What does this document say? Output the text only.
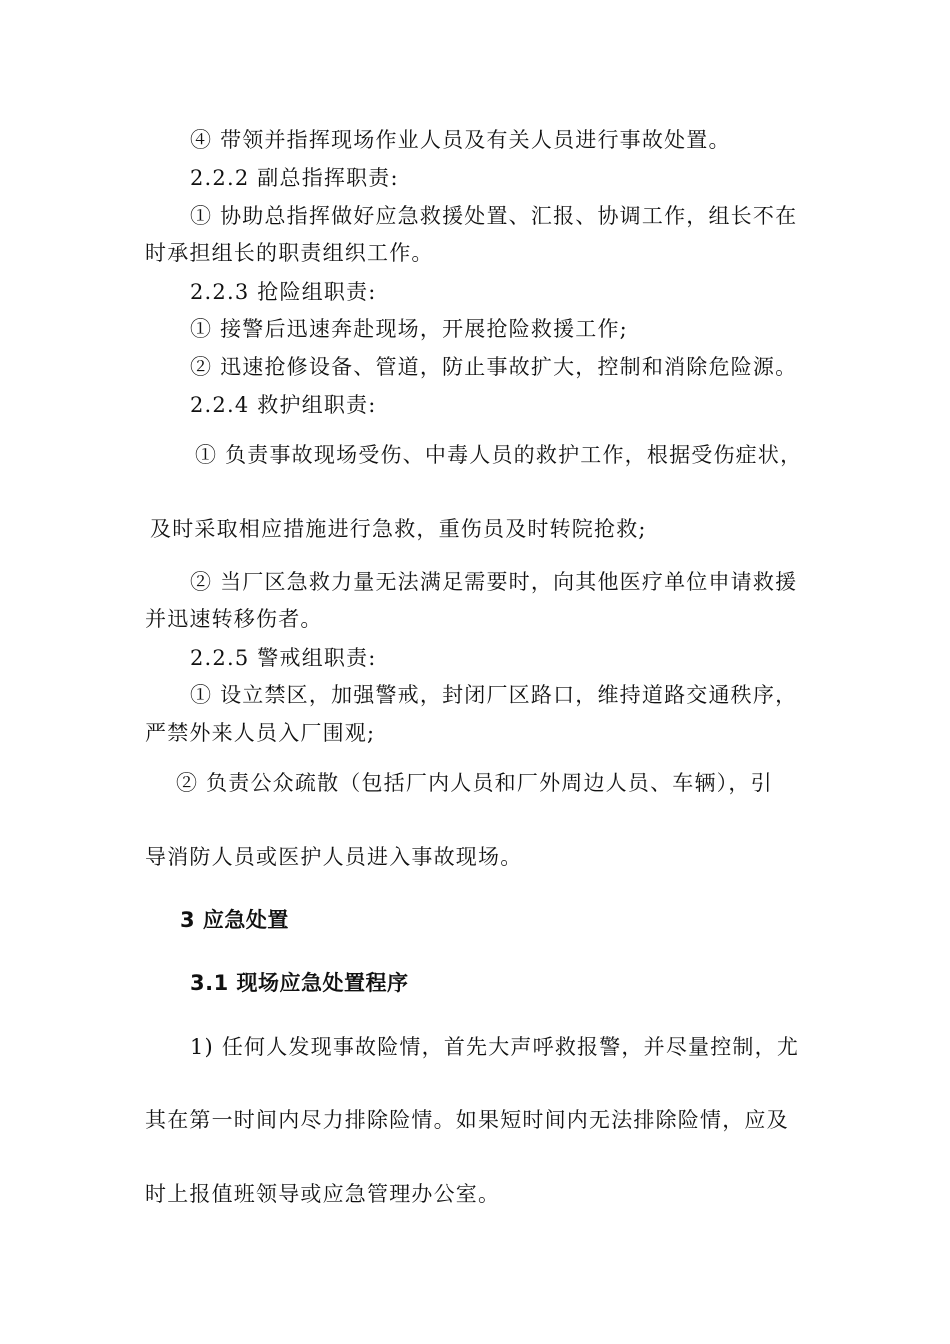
④ 带领并指挥现场作业人员及有关人员进行事故处置。
2.2.2 副总指挥职责:
① 协助总指挥做好应急救援处置、汇报、协调工作，组长不在
时承担组长的职责组织工作。
2.2.3 抢险组职责:
① 接警后迅速奔赴现场，开展抢险救援工作;
② 迅速抢修设备、管道，防止事故扩大，控制和消除危险源。
2.2.4 救护组职责:
① 负责事故现场受伤、中毒人员的救护工作，根据受伤症状，
及时采取相应措施进行急救，重伤员及时转院抢救;
② 当厂区急救力量无法满足需要时，向其他医疗单位申请救援
并迅速转移伤者。
2.2.5 警戒组职责:
① 设立禁区，加强警戒，封闭厂区路口，维持道路交通秩序，
严禁外来人员入厂围观;
② 负责公众疏散（包括厂内人员和厂外周边人员、车辆），引
导消防人员或医护人员进入事故现场。
3 应急处置
3.1 现场应急处置程序
1) 任何人发现事故险情，首先大声呼救报警，并尽量控制，尤
其在第一时间内尽力排除险情。如果短时间内无法排除险情，应及
时上报值班领导或应急管理办公室。
